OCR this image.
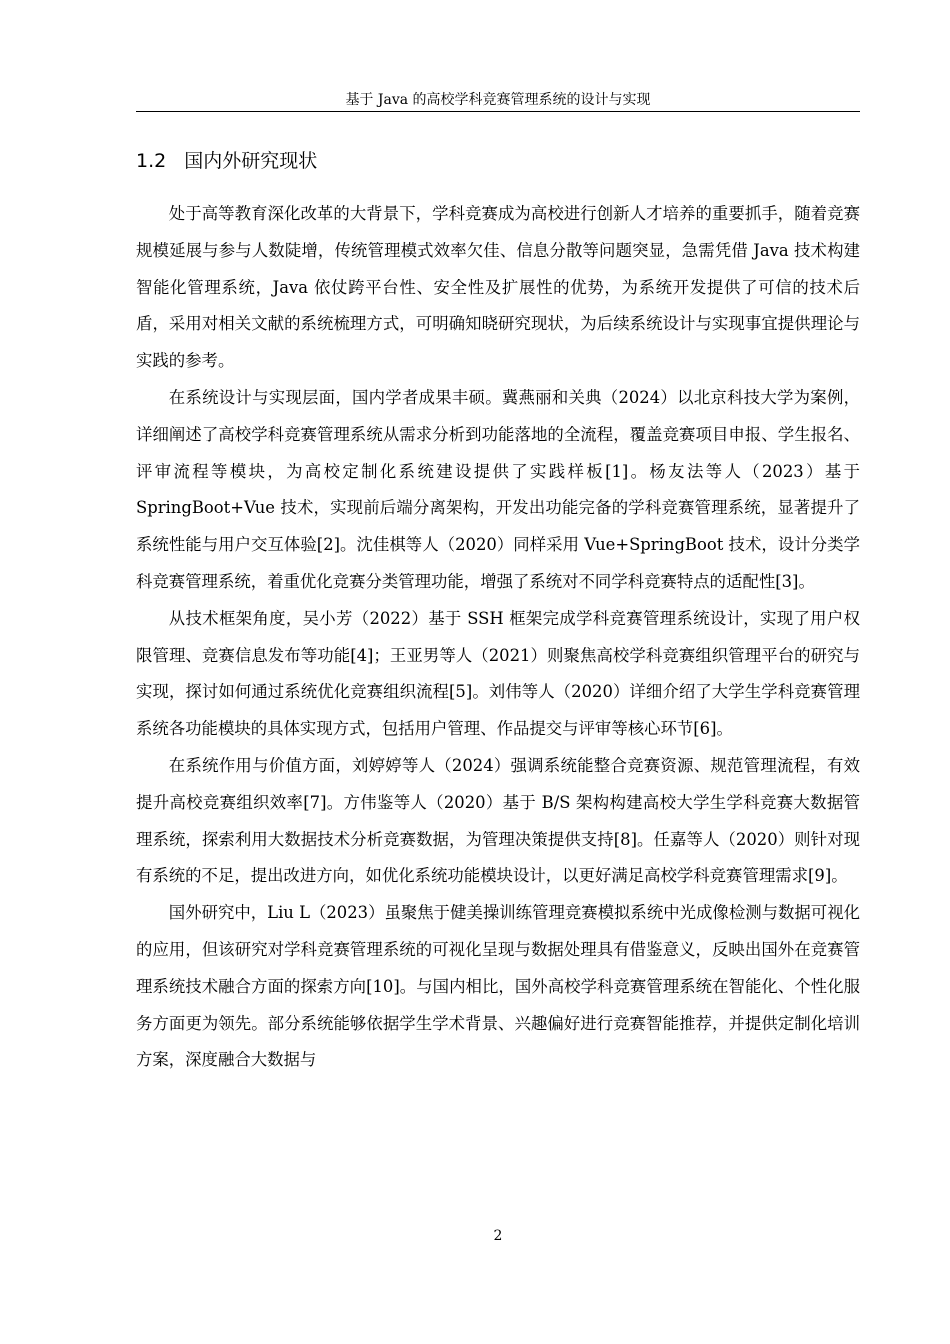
基于 Java 的高校学科竞赛管理系统的设计与实现
1.2 国内外研究现状

处于高等教育深化改革的大背景下，学科竞赛成为高校进行创新人才培养的重要抓手，随着竞赛规模延展与参与人数陡增，传统管理模式效率欠佳、信息分散等问题突显，急需凭借 Java 技术构建智能化管理系统，Java 依仗跨平台性、安全性及扩展性的优势，为系统开发提供了可信的技术后盾，采用对相关文献的系统梳理方式，可明确知晓研究现状，为后续系统设计与实现事宜提供理论与实践的参考。

在系统设计与实现层面，国内学者成果丰硕。冀燕丽和关典（2024）以北京科技大学为案例，详细阐述了高校学科竞赛管理系统从需求分析到功能落地的全流程，覆盖竞赛项目申报、学生报名、评审流程等模块，为高校定制化系统建设提供了实践样板[1]。杨友法等人（2023）基于 SpringBoot+Vue 技术，实现前后端分离架构，开发出功能完备的学科竞赛管理系统，显著提升了系统性能与用户交互体验[2]。沈佳棋等人（2020）同样采用 Vue+SpringBoot 技术，设计分类学科竞赛管理系统，着重优化竞赛分类管理功能，增强了系统对不同学科竞赛特点的适配性[3]。

从技术框架角度，吴小芳（2022）基于 SSH 框架完成学科竞赛管理系统设计，实现了用户权限管理、竞赛信息发布等功能[4]；王亚男等人（2021）则聚焦高校学科竞赛组织管理平台的研究与实现，探讨如何通过系统优化竞赛组织流程[5]。刘伟等人（2020）详细介绍了大学生学科竞赛管理系统各功能模块的具体实现方式，包括用户管理、作品提交与评审等核心环节[6]。

在系统作用与价值方面，刘婷婷等人（2024）强调系统能整合竞赛资源、规范管理流程，有效提升高校竞赛组织效率[7]。方伟鉴等人（2020）基于 B/S 架构构建高校大学生学科竞赛大数据管理系统，探索利用大数据技术分析竞赛数据，为管理决策提供支持[8]。任嘉等人（2020）则针对现有系统的不足，提出改进方向，如优化系统功能模块设计，以更好满足高校学科竞赛管理需求[9]。

国外研究中，Liu L（2023）虽聚焦于健美操训练管理竞赛模拟系统中光成像检测与数据可视化的应用，但该研究对学科竞赛管理系统的可视化呈现与数据处理具有借鉴意义，反映出国外在竞赛管理系统技术融合方面的探索方向[10]。与国内相比，国外高校学科竞赛管理系统在智能化、个性化服务方面更为领先。部分系统能够依据学生学术背景、兴趣偏好进行竞赛智能推荐，并提供定制化培训方案，深度融合大数据与

2
